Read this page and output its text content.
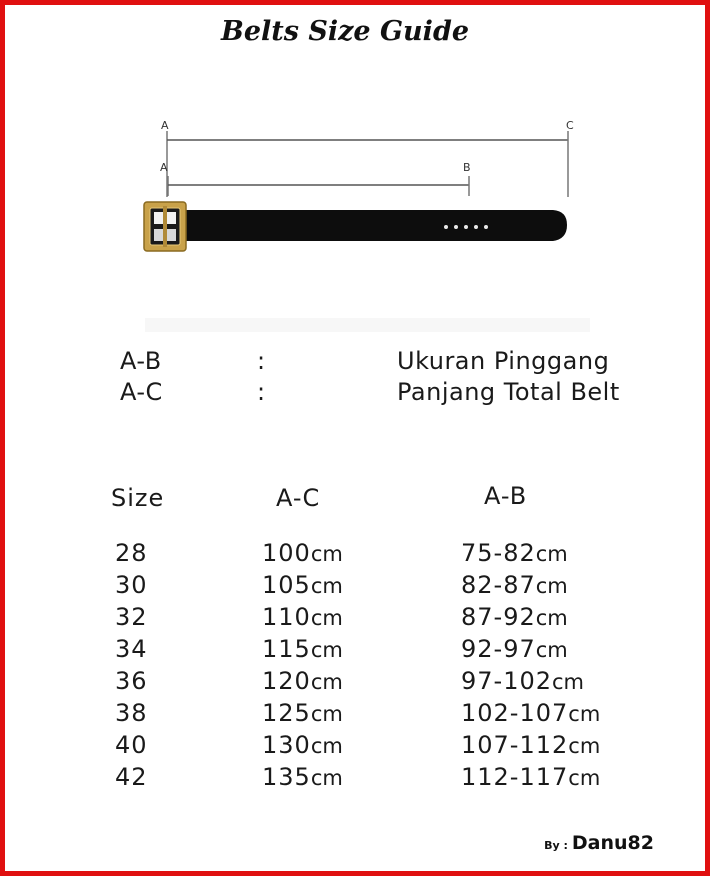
Belts Size Guide
A	C
A	B
A-B	:	Ukuran Pinggang
A-C	:	Panjang Total Belt
Size	A-C	A-B
28	100cm	75-82cm
30	105cm	82-87cm
32	110cm	87-92cm
34	115cm	92-97cm
36	120cm	97-102cm
38	125cm	102-107cm
40	130cm	107-112cm
42	135cm	112-117cm
By : Danu82
